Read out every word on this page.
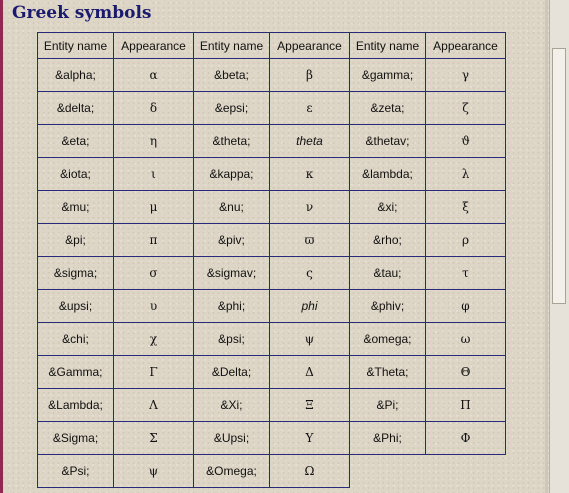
Greek symbols
Entity name	Appearance	Entity name	Appearance	Entity name	Appearance
&alpha;	α	&beta;	β	&gamma;	γ
&delta;	δ	&epsi;	ε	&zeta;	ζ
&eta;	η	&theta;	theta	&thetav;	ϑ
&iota;	ι	&kappa;	κ	&lambda;	λ
&mu;	μ	&nu;	ν	&xi;	ξ
&pi;	π	&piv;	ϖ	&rho;	ρ
&sigma;	σ	&sigmav;	ς	&tau;	τ
&upsi;	υ	&phi;	phi	&phiv;	φ
&chi;	χ	&psi;	ψ	&omega;	ω
&Gamma;	Γ	&Delta;	Δ	&Theta;	Θ
&Lambda;	Λ	&Xi;	Ξ	&Pi;	Π
&Sigma;	Σ	&Upsi;	Υ	&Phi;	Φ
&Psi;	ψ	&Omega;	Ω		
